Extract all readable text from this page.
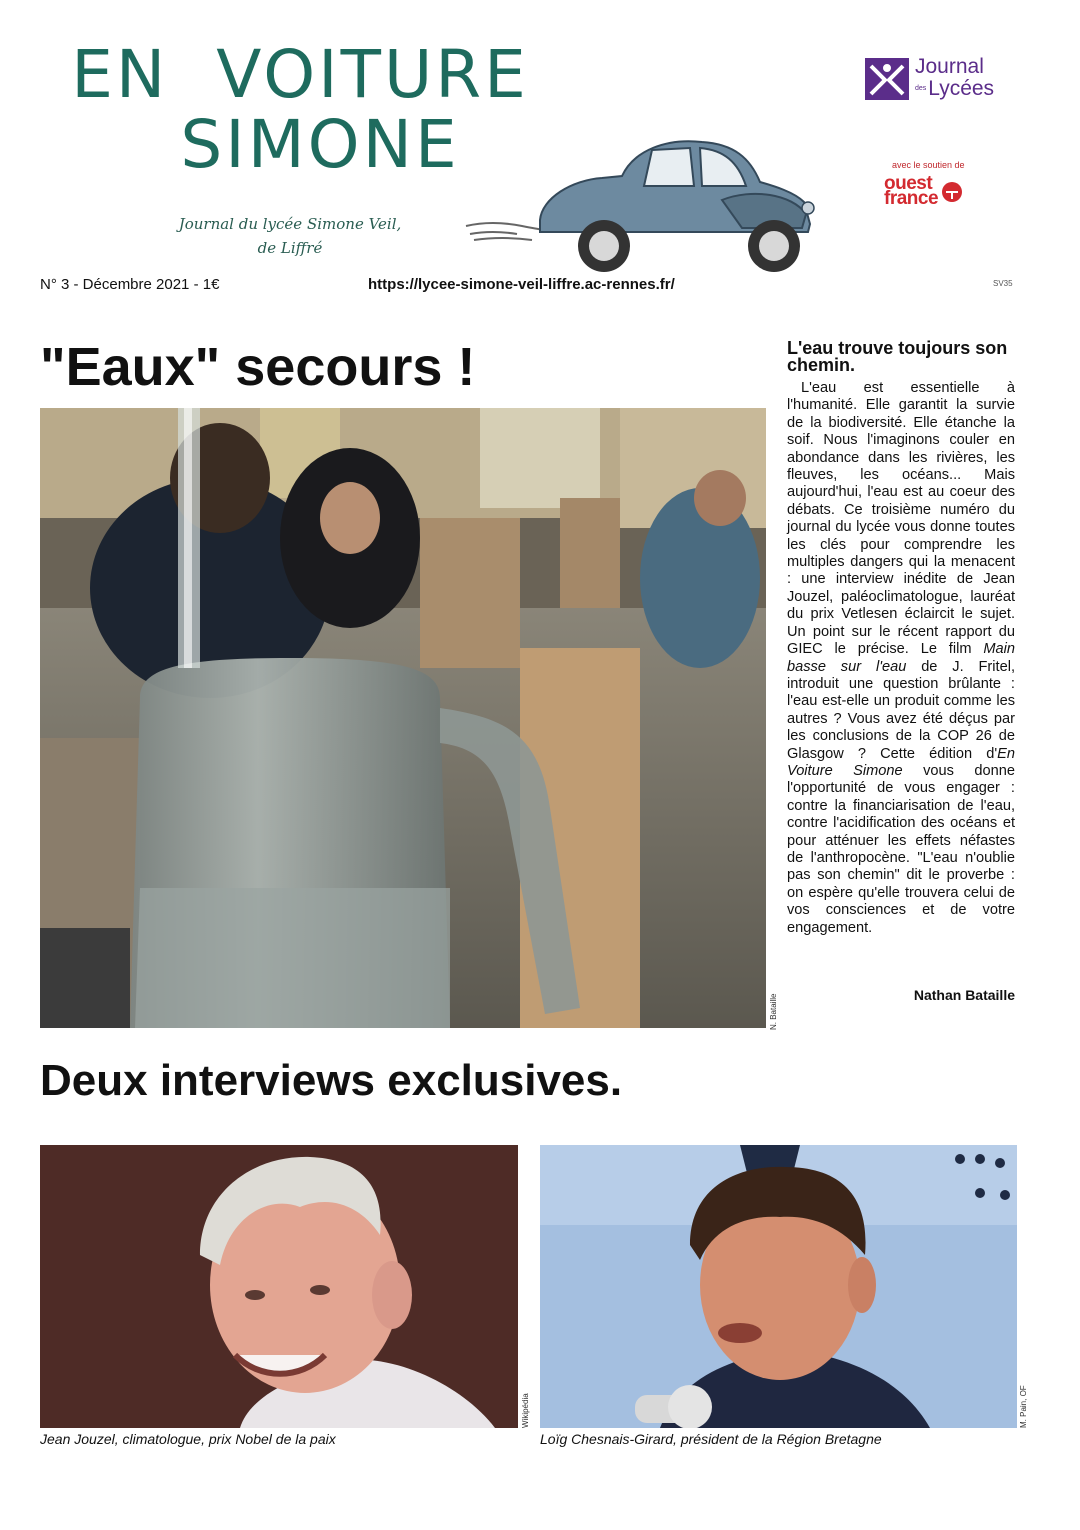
EN  VOITURE
SIMONE
Journal du lycée Simone Veil,
de Liffré
Journal
desLycées
avec le soutien de
ouest
france
N° 3 - Décembre 2021 - 1€	https://lycee-simone-veil-liffre.ac-rennes.fr/	SV35
"Eaux" secours !
N. Bataille
L'eau trouve toujours son chemin.
L'eau est essentielle à l'humanité. Elle garantit la survie de la biodiversité. Elle étanche la soif. Nous l'imaginons couler en abondance dans les rivières, les fleuves, les océans... Mais aujourd'hui, l'eau est au coeur des débats. Ce troisième numéro du journal du lycée vous donne toutes les clés pour comprendre les multiples dangers qui la menacent : une interview inédite de Jean Jouzel, paléoclimatologue, lauréat du prix Vetlesen éclaircit le sujet. Un point sur le récent rapport du GIEC le précise. Le film Main basse sur l'eau de J. Fritel, introduit une question brûlante : l'eau est-elle un produit comme les autres ? Vous avez été déçus par les conclusions de la COP 26 de Glasgow ? Cette édition d'En Voiture Simone vous donne l'opportunité de vous engager : contre la financiarisation de l'eau, contre l'acidification des océans et pour atténuer les effets néfastes de l'anthropocène. "L'eau n'oublie pas son chemin" dit le proverbe : on espère qu'elle trouvera celui de vos consciences et de votre engagement.
Nathan Bataille
Deux interviews exclusives.
Wikipédia	M. Pain, OF
Jean Jouzel, climatologue, prix Nobel de la paix	Loïg Chesnais-Girard, président de la Région Bretagne
